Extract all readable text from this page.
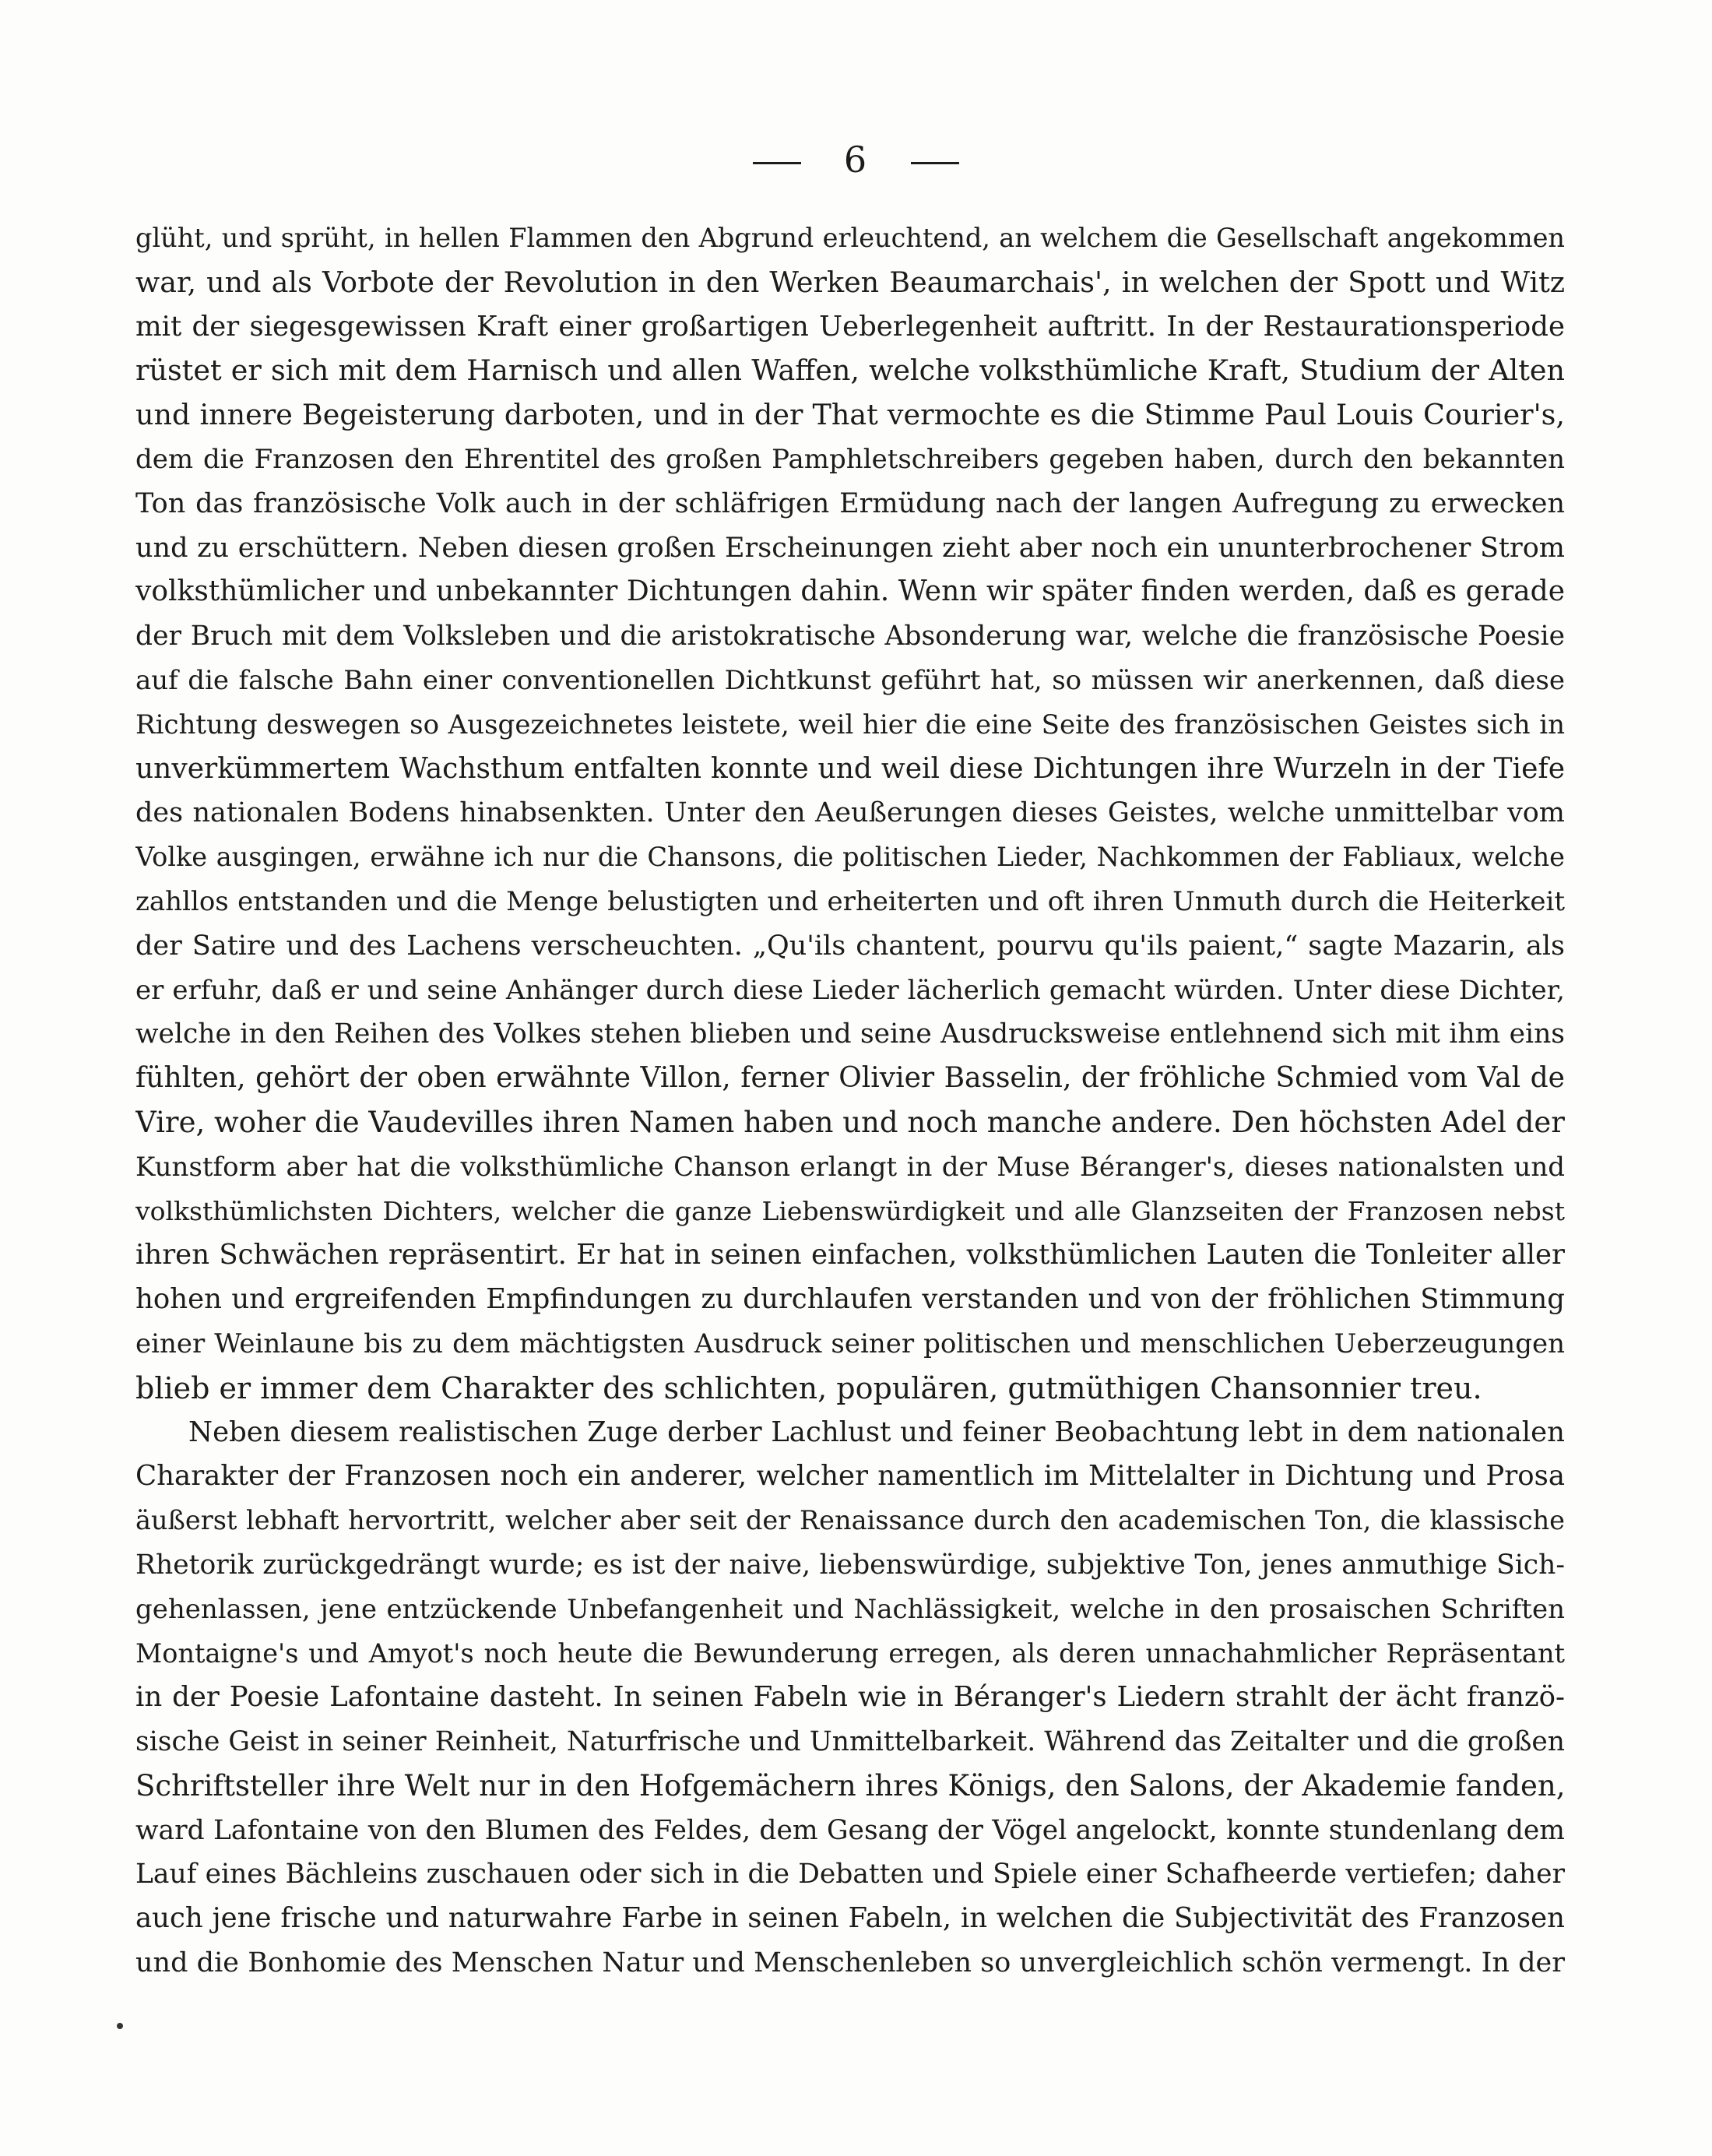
6
glüht, und sprüht, in hellen Flammen den Abgrund erleuchtend, an welchem die Gesellschaft angekommen
war, und als Vorbote der Revolution in den Werken Beaumarchais', in welchen der Spott und Witz
mit der siegesgewissen Kraft einer großartigen Ueberlegenheit auftritt. In der Restaurationsperiode
rüstet er sich mit dem Harnisch und allen Waffen, welche volksthümliche Kraft, Studium der Alten
und innere Begeisterung darboten, und in der That vermochte es die Stimme Paul Louis Courier's,
dem die Franzosen den Ehrentitel des großen Pamphletschreibers gegeben haben, durch den bekannten
Ton das französische Volk auch in der schläfrigen Ermüdung nach der langen Aufregung zu erwecken
und zu erschüttern. Neben diesen großen Erscheinungen zieht aber noch ein ununterbrochener Strom
volksthümlicher und unbekannter Dichtungen dahin. Wenn wir später finden werden, daß es gerade
der Bruch mit dem Volksleben und die aristokratische Absonderung war, welche die französische Poesie
auf die falsche Bahn einer conventionellen Dichtkunst geführt hat, so müssen wir anerkennen, daß diese
Richtung deswegen so Ausgezeichnetes leistete, weil hier die eine Seite des französischen Geistes sich in
unverkümmertem Wachsthum entfalten konnte und weil diese Dichtungen ihre Wurzeln in der Tiefe
des nationalen Bodens hinabsenkten. Unter den Aeußerungen dieses Geistes, welche unmittelbar vom
Volke ausgingen, erwähne ich nur die Chansons, die politischen Lieder, Nachkommen der Fabliaux, welche
zahllos entstanden und die Menge belustigten und erheiterten und oft ihren Unmuth durch die Heiterkeit
der Satire und des Lachens verscheuchten. „Qu'ils chantent, pourvu qu'ils paient,“ sagte Mazarin, als
er erfuhr, daß er und seine Anhänger durch diese Lieder lächerlich gemacht würden. Unter diese Dichter,
welche in den Reihen des Volkes stehen blieben und seine Ausdrucksweise entlehnend sich mit ihm eins
fühlten, gehört der oben erwähnte Villon, ferner Olivier Basselin, der fröhliche Schmied vom Val de
Vire, woher die Vaudevilles ihren Namen haben und noch manche andere. Den höchsten Adel der
Kunstform aber hat die volksthümliche Chanson erlangt in der Muse Béranger's, dieses nationalsten und
volksthümlichsten Dichters, welcher die ganze Liebenswürdigkeit und alle Glanzseiten der Franzosen nebst
ihren Schwächen repräsentirt. Er hat in seinen einfachen, volksthümlichen Lauten die Tonleiter aller
hohen und ergreifenden Empfindungen zu durchlaufen verstanden und von der fröhlichen Stimmung
einer Weinlaune bis zu dem mächtigsten Ausdruck seiner politischen und menschlichen Ueberzeugungen
blieb er immer dem Charakter des schlichten, populären, gutmüthigen Chansonnier treu.
Neben diesem realistischen Zuge derber Lachlust und feiner Beobachtung lebt in dem nationalen
Charakter der Franzosen noch ein anderer, welcher namentlich im Mittelalter in Dichtung und Prosa
äußerst lebhaft hervortritt, welcher aber seit der Renaissance durch den academischen Ton, die klassische
Rhetorik zurückgedrängt wurde; es ist der naive, liebenswürdige, subjektive Ton, jenes anmuthige Sich-
gehenlassen, jene entzückende Unbefangenheit und Nachlässigkeit, welche in den prosaischen Schriften
Montaigne's und Amyot's noch heute die Bewunderung erregen, als deren unnachahmlicher Repräsentant
in der Poesie Lafontaine dasteht. In seinen Fabeln wie in Béranger's Liedern strahlt der ächt franzö-
sische Geist in seiner Reinheit, Naturfrische und Unmittelbarkeit. Während das Zeitalter und die großen
Schriftsteller ihre Welt nur in den Hofgemächern ihres Königs, den Salons, der Akademie fanden,
ward Lafontaine von den Blumen des Feldes, dem Gesang der Vögel angelockt, konnte stundenlang dem
Lauf eines Bächleins zuschauen oder sich in die Debatten und Spiele einer Schafheerde vertiefen; daher
auch jene frische und naturwahre Farbe in seinen Fabeln, in welchen die Subjectivität des Franzosen
und die Bonhomie des Menschen Natur und Menschenleben so unvergleichlich schön vermengt. In der
